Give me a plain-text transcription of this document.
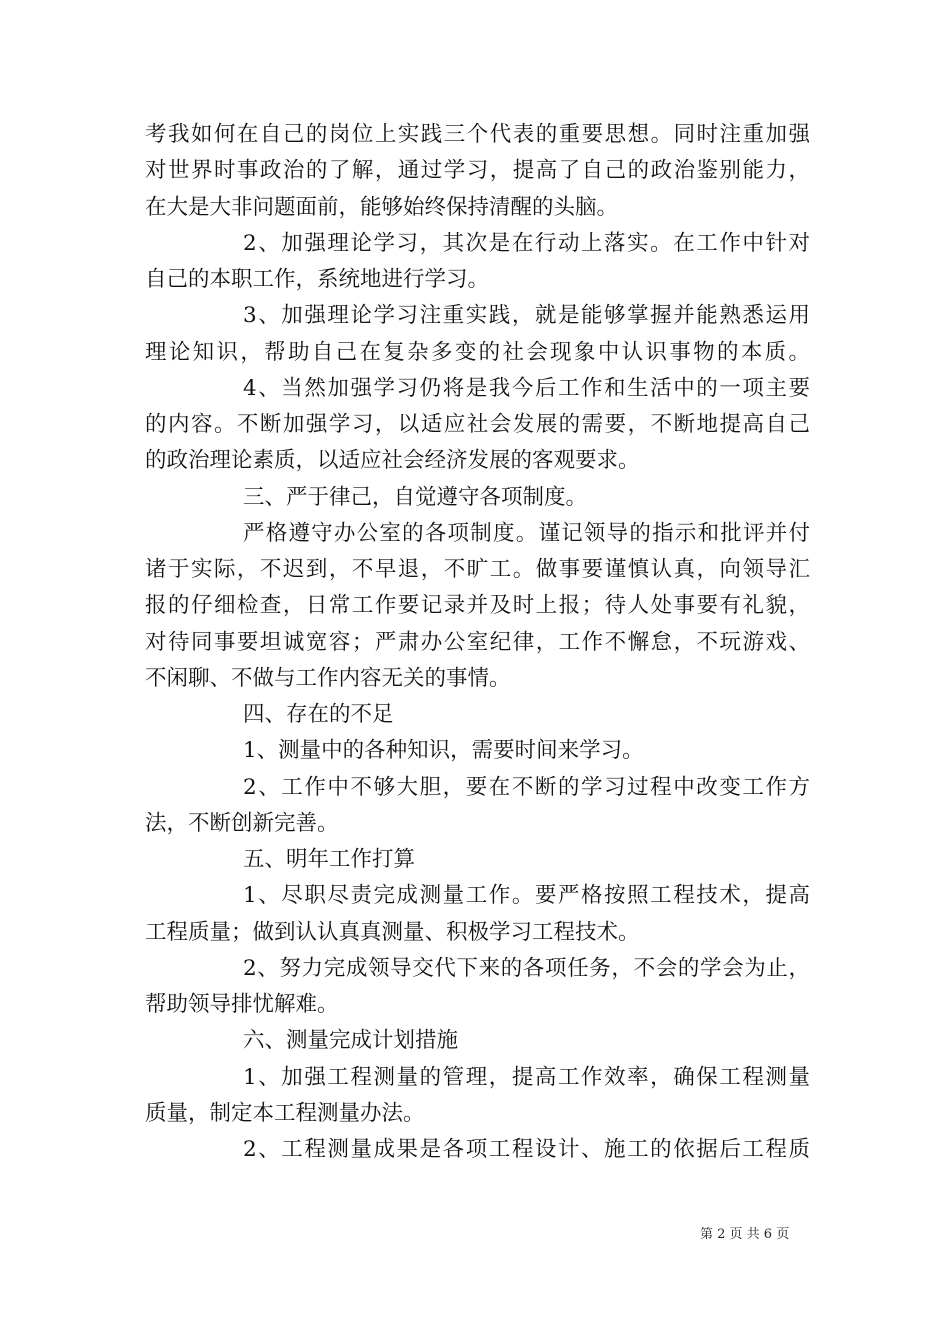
考我如何在自己的岗位上实践三个代表的重要思想。同时注重加强
对世界时事政治的了解，通过学习，提高了自己的政治鉴别能力，
在大是大非问题面前，能够始终保持清醒的头脑。
2、加强理论学习，其次是在行动上落实。在工作中针对
自己的本职工作，系统地进行学习。
3、加强理论学习注重实践，就是能够掌握并能熟悉运用
理论知识，帮助自己在复杂多变的社会现象中认识事物的本质。
4、当然加强学习仍将是我今后工作和生活中的一项主要
的内容。不断加强学习，以适应社会发展的需要，不断地提高自己
的政治理论素质，以适应社会经济发展的客观要求。
三、严于律己，自觉遵守各项制度。
严格遵守办公室的各项制度。谨记领导的指示和批评并付
诸于实际，不迟到，不早退，不旷工。做事要谨慎认真，向领导汇
报的仔细检查，日常工作要记录并及时上报；待人处事要有礼貌，
对待同事要坦诚宽容；严肃办公室纪律，工作不懈怠，不玩游戏、
不闲聊、不做与工作内容无关的事情。
四、存在的不足
1、测量中的各种知识，需要时间来学习。
2、工作中不够大胆，要在不断的学习过程中改变工作方
法，不断创新完善。
五、明年工作打算
1、尽职尽责完成测量工作。要严格按照工程技术，提高
工程质量；做到认认真真测量、积极学习工程技术。
2、努力完成领导交代下来的各项任务，不会的学会为止，
帮助领导排忧解难。
六、测量完成计划措施
1、加强工程测量的管理，提高工作效率，确保工程测量
质量，制定本工程测量办法。
2、工程测量成果是各项工程设计、施工的依据后工程质
第 2 页 共 6 页
